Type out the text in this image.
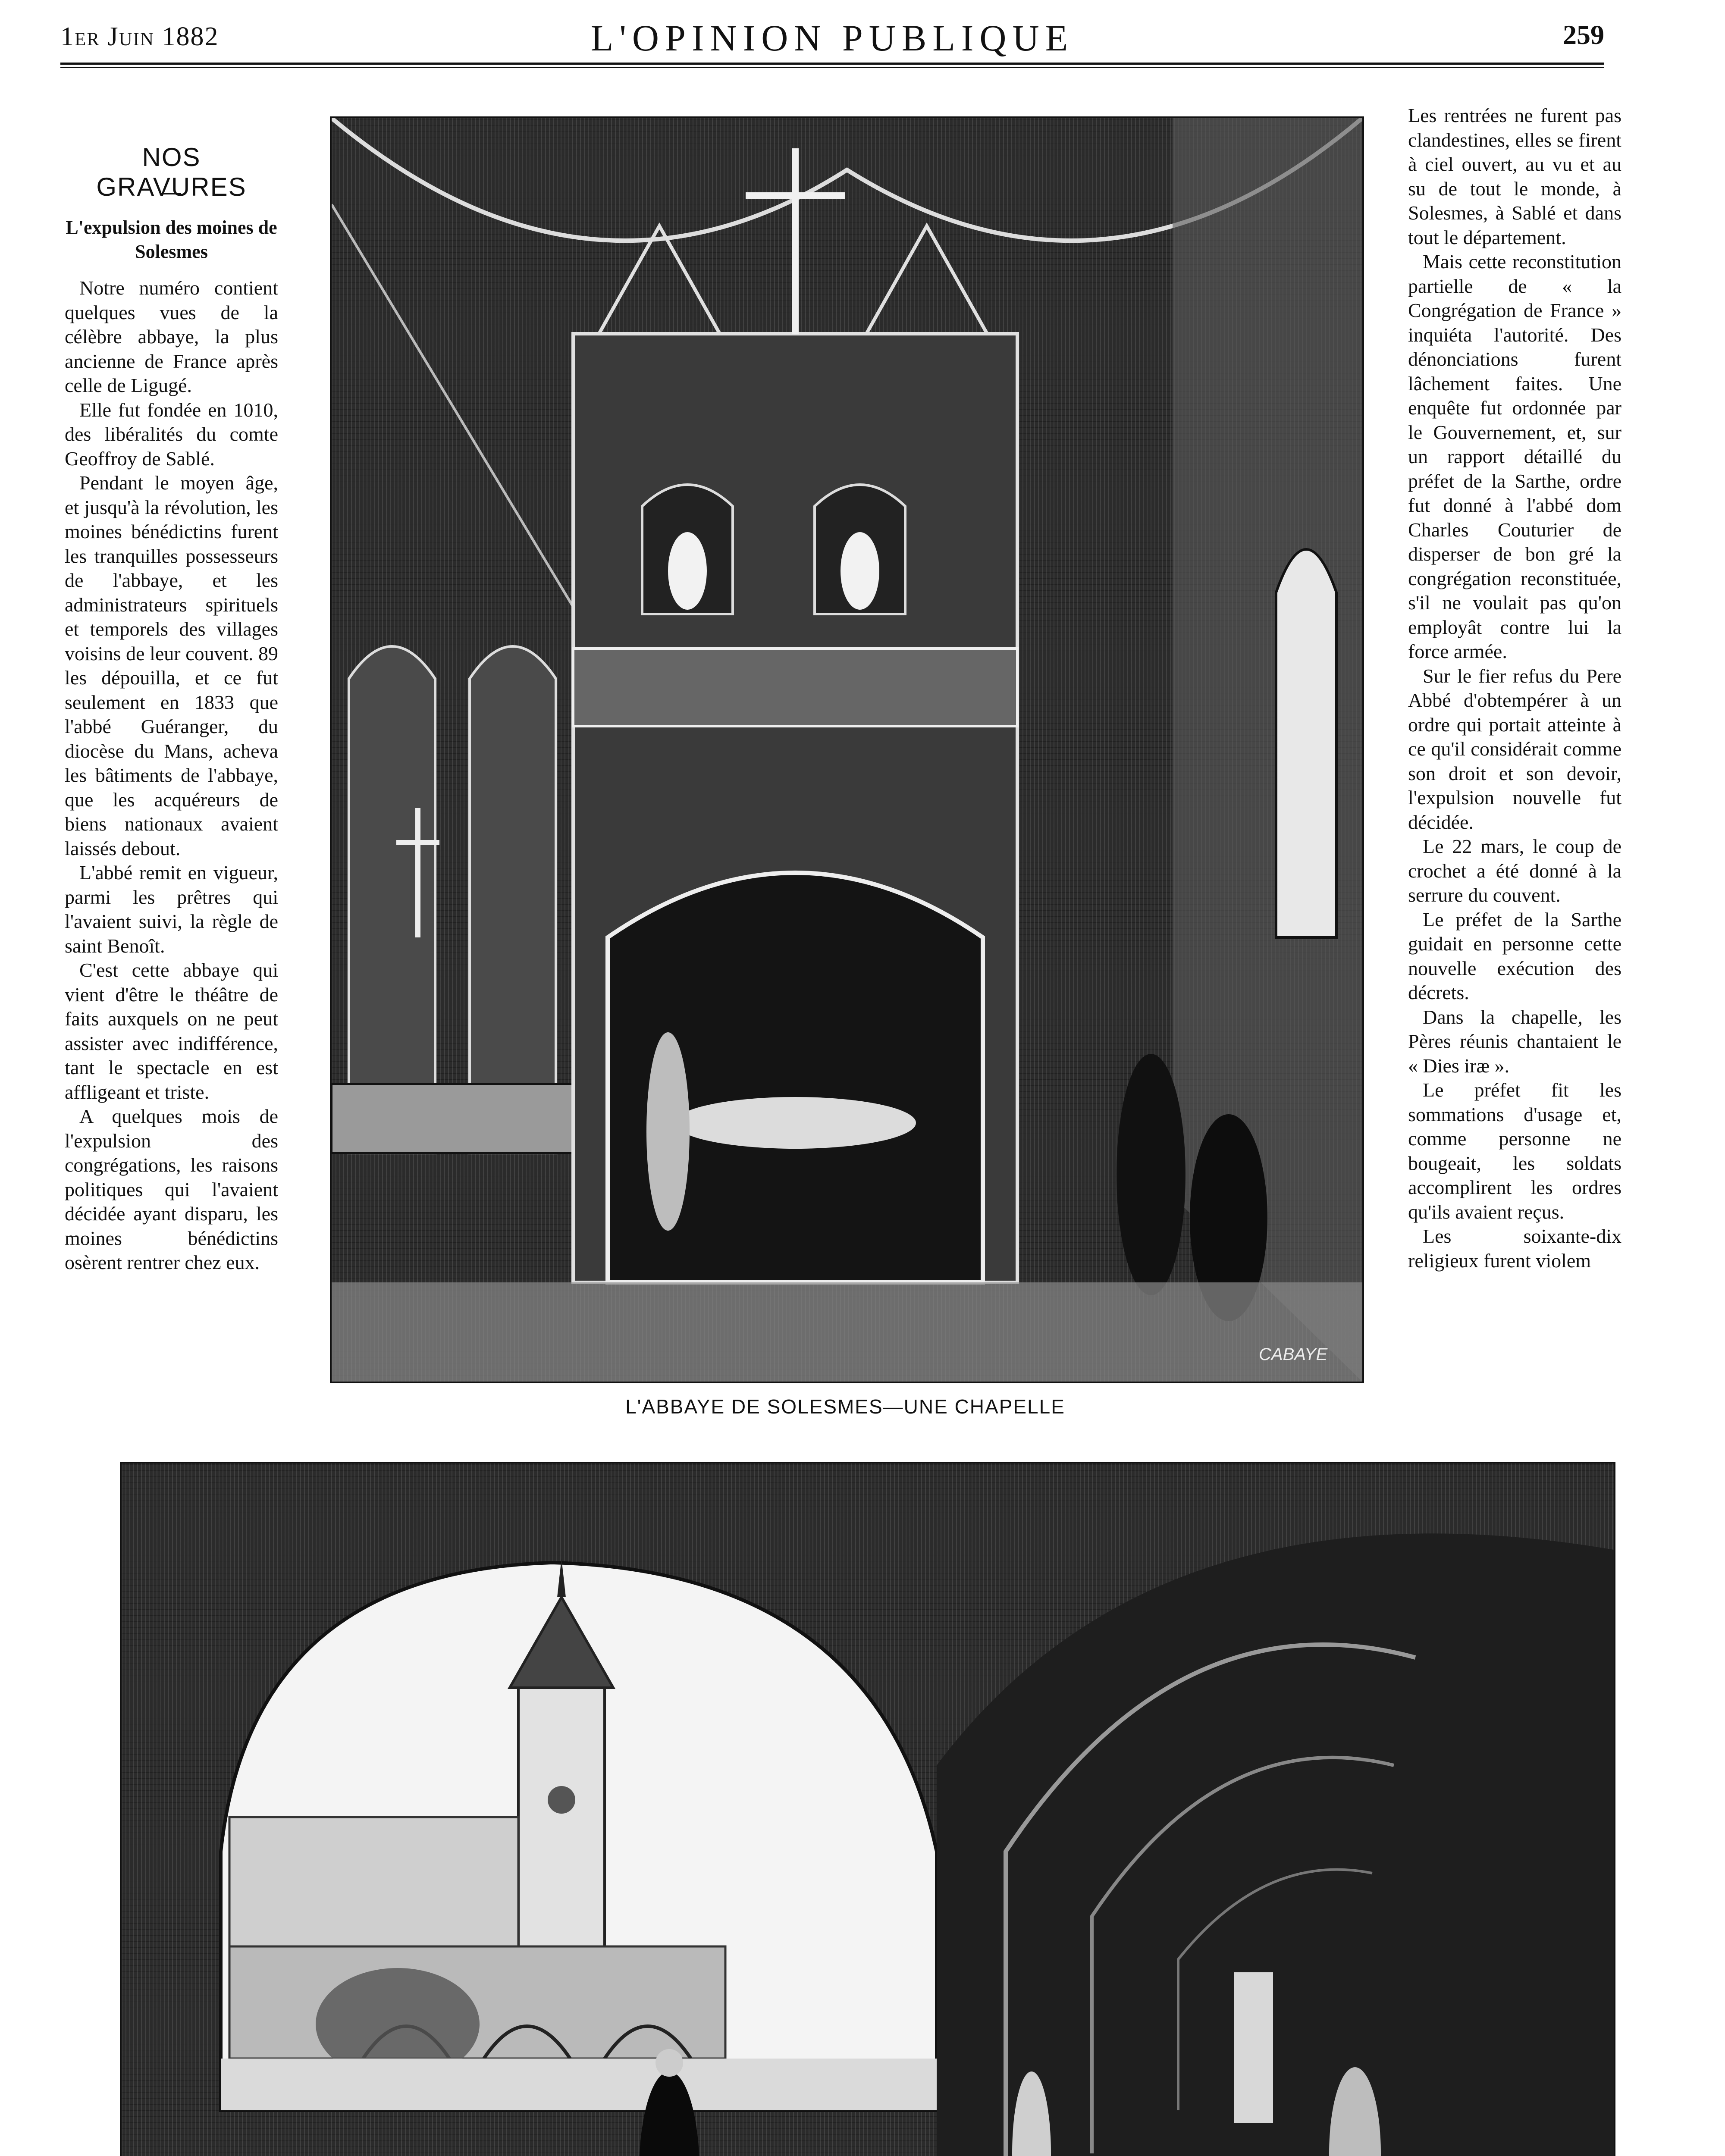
1er Juin 1882	L'OPINION PUBLIQUE	259
NOS GRAVURES
L'expulsion des moines de Solesmes

Notre numéro contient quelques vues de la célèbre abbaye, la plus ancienne de France après celle de Ligugé.

Elle fut fondée en 1010, des libéralités du comte Geoffroy de Sablé.

Pendant le moyen âge, et jusqu'à la révolution, les moines bénédictins furent les tranquilles possesseurs de l'abbaye, et les administrateurs spirituels et temporels des villages voisins de leur couvent. 89 les dépouilla, et ce fut seulement en 1833 que l'abbé Guéranger, du diocèse du Mans, acheva les bâtiments de l'abbaye, que les acquéreurs de biens nationaux avaient laissés debout.

L'abbé remit en vigueur, parmi les prêtres qui l'avaient suivi, la règle de saint Benoît.

C'est cette abbaye qui vient d'être le théâtre de faits auxquels on ne peut assister avec indifférence, tant le spectacle en est affligeant et triste.

A quelques mois de l'expulsion des congrégations, les raisons politiques qui l'avaient décidée ayant disparu, les moines bénédictins osèrent rentrer chez eux.

CABAYE
L'ABBAYE DE SOLESMES—UNE CHAPELLE

Les rentrées ne furent pas clandestines, elles se firent à ciel ouvert, au vu et au su de tout le monde, à Solesmes, à Sablé et dans tout le département.

Mais cette reconstitution partielle de « la Congrégation de France » inquiéta l'autorité. Des dénonciations furent lâchement faites. Une enquête fut ordonnée par le Gouvernement, et, sur un rapport détaillé du préfet de la Sarthe, ordre fut donné à l'abbé dom Charles Couturier de disperser de bon gré la congrégation reconstituée, s'il ne voulait pas qu'on employât contre lui la force armée.

Sur le fier refus du Pere Abbé d'obtempérer à un ordre qui portait atteinte à ce qu'il considérait comme son droit et son devoir, l'expulsion nouvelle fut décidée.

Le 22 mars, le coup de crochet a été donné à la serrure du couvent.

Le préfet de la Sarthe guidait en personne cette nouvelle exécution des décrets.

Dans la chapelle, les Pères réunis chantaient le « Dies iræ ».

Le préfet fit les sommations d'usage et, comme personne ne bougeait, les soldats accomplirent les ordres qu'ils avaient reçus.

Les soixante-dix religieux furent violem
